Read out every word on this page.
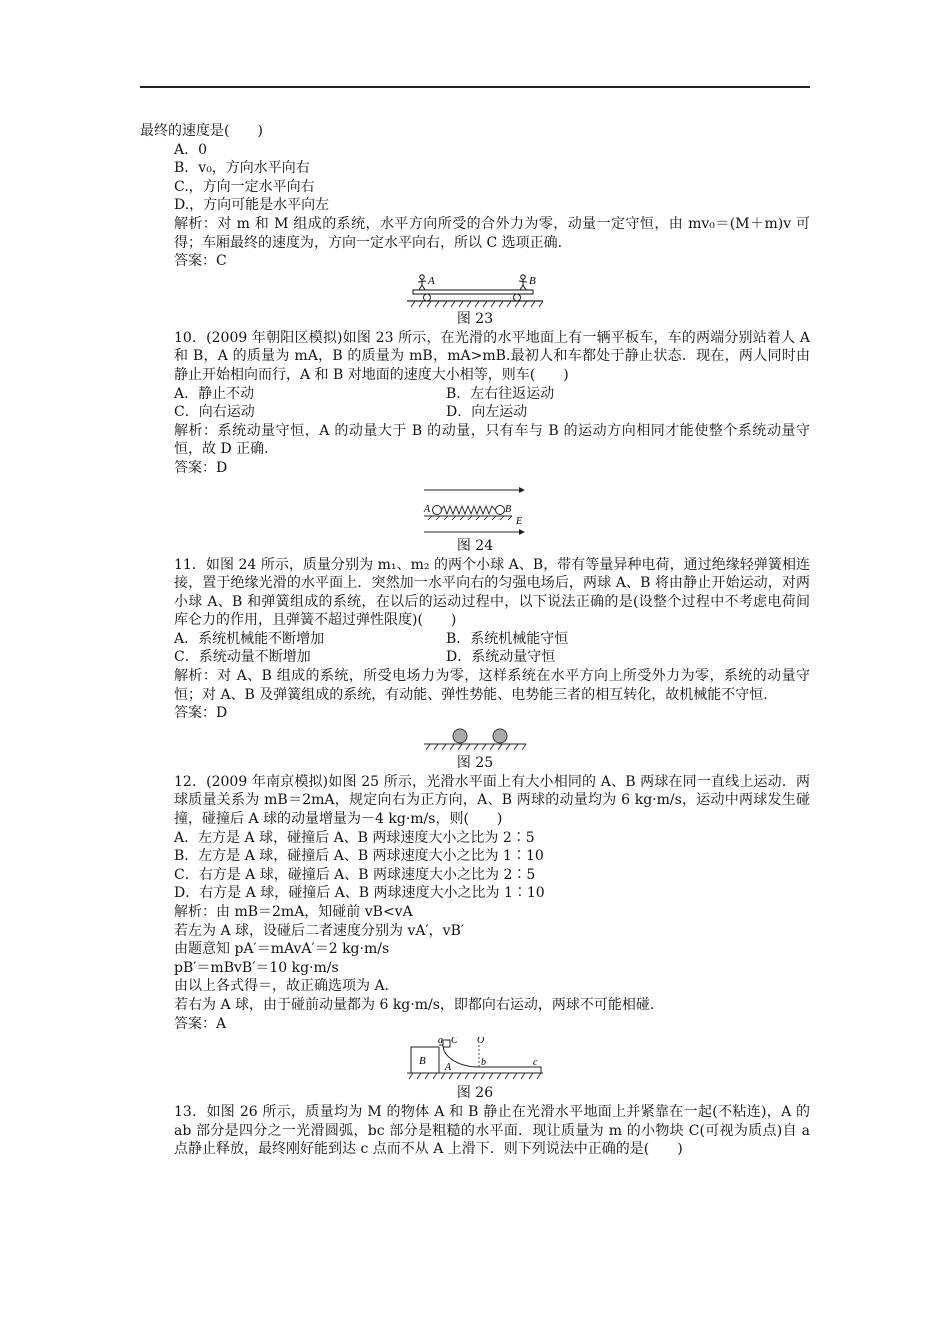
最终的速度是(　　)
A．0
B．v₀，方向水平向右
C.，方向一定水平向右
D.，方向可能是水平向左
解析：对 m 和 M 组成的系统，水平方向所受的合外力为零，动量一定守恒，由 mv₀＝(M＋m)v 可得；车厢最终的速度为，方向一定水平向右，所以 C 选项正确.
答案：C
A	B
图 23
10．(2009 年朝阳区模拟)如图 23 所示，在光滑的水平地面上有一辆平板车，车的两端分别站着人 A 和 B，A 的质量为 mA，B 的质量为 mB，mA>mB.最初人和车都处于静止状态．现在，两人同时由静止开始相向而行，A 和 B 对地面的速度大小相等，则车(　　)
A．静止不动	B．左右往返运动
C．向右运动	D．向左运动
解析：系统动量守恒，A 的动量大于 B 的动量，只有车与 B 的运动方向相同才能使整个系统动量守恒，故 D 正确.
答案：D
A	B
E
图 24
11．如图 24 所示，质量分别为 m₁、m₂ 的两个小球 A、B，带有等量异种电荷，通过绝缘轻弹簧相连接，置于绝缘光滑的水平面上．突然加一水平向右的匀强电场后，两球 A、B 将由静止开始运动，对两小球 A、B 和弹簧组成的系统，在以后的运动过程中，以下说法正确的是(设整个过程中不考虑电荷间库仑力的作用，且弹簧不超过弹性限度)(　　)
A．系统机械能不断增加	B．系统机械能守恒
C．系统动量不断增加	D．系统动量守恒
解析：对 A、B 组成的系统，所受电场力为零，这样系统在水平方向上所受外力为零，系统的动量守恒；对 A、B 及弹簧组成的系统，有动能、弹性势能、电势能三者的相互转化，故机械能不守恒.
答案：D
图 25
12．(2009 年南京模拟)如图 25 所示，光滑水平面上有大小相同的 A、B 两球在同一直线上运动．两球质量关系为 mB＝2mA，规定向右为正方向，A、B 两球的动量均为 6 kg·m/s，运动中两球发生碰撞，碰撞后 A 球的动量增量为－4 kg·m/s，则(　　)
A．左方是 A 球，碰撞后 A、B 两球速度大小之比为 2∶5
B．左方是 A 球，碰撞后 A、B 两球速度大小之比为 1∶10
C．右方是 A 球，碰撞后 A、B 两球速度大小之比为 2∶5
D．右方是 A 球，碰撞后 A、B 两球速度大小之比为 1∶10
解析：由 mB＝2mA，知碰前 vB<vA
若左为 A 球，设碰后二者速度分别为 vA′，vB′
由题意知 pA′＝mAvA′＝2 kg·m/s
pB′＝mBvB′＝10 kg·m/s
由以上各式得＝，故正确选项为 A.
若右为 A 球，由于碰前动量都为 6 kg·m/s，即都向右运动，两球不可能相碰.
答案：A
B
a C O
A	b	c
图 26
13．如图 26 所示，质量均为 M 的物体 A 和 B 静止在光滑水平地面上并紧靠在一起(不粘连)，A 的 ab 部分是四分之一光滑圆弧，bc 部分是粗糙的水平面．现让质量为 m 的小物块 C(可视为质点)自 a 点静止释放，最终刚好能到达 c 点而不从 A 上滑下．则下列说法中正确的是(　　)
